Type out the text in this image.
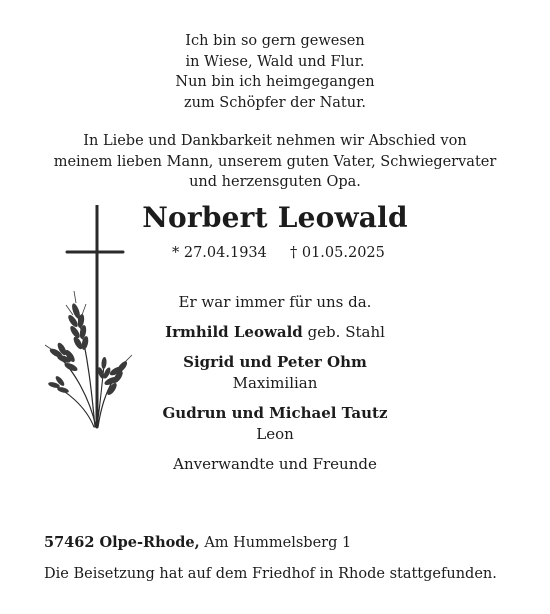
Ich bin so gern gewesen
in Wiese, Wald und Flur.
Nun bin ich heimgegangen
zum Schöpfer der Natur.
In Liebe und Dankbarkeit nehmen wir Abschied von
meinem lieben Mann, unserem guten Vater, Schwiegervater
und herzensguten Opa.
Norbert Leowald
* 27.04.1934 † 01.05.2025
Er war immer für uns da.
Irmhild Leowald geb. Stahl
Sigrid und Peter Ohm
Maximilian
Gudrun und Michael Tautz
Leon
Anverwandte und Freunde
57462 Olpe-Rhode, Am Hummelsberg 1
Die Beisetzung hat auf dem Friedhof in Rhode stattgefunden.
